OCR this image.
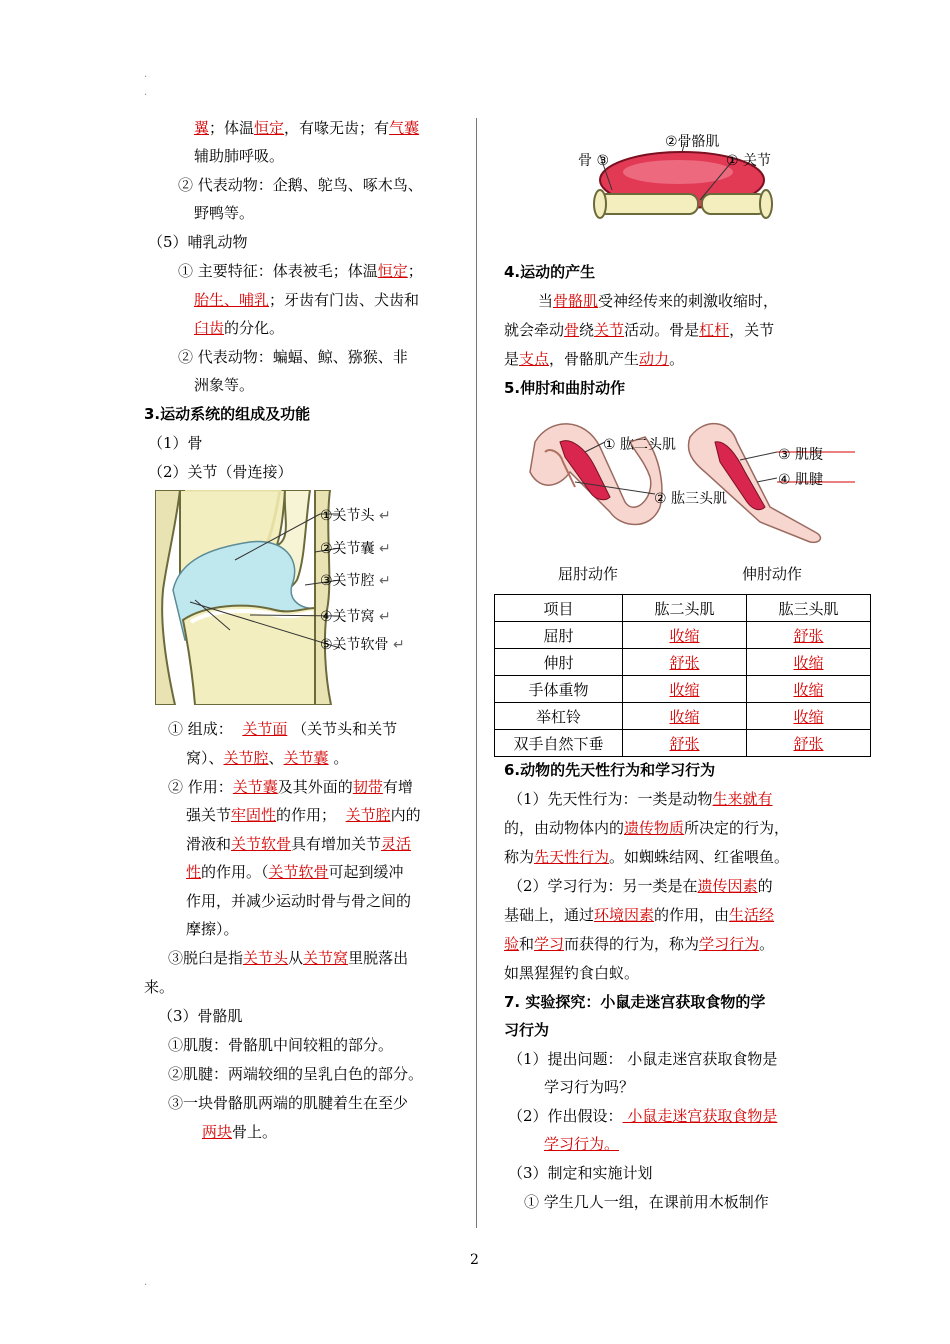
·
·
·
翼；体温恒定，有喙无齿；有气囊
辅助肺呼吸。
② 代表动物：企鹅、鸵鸟、啄木鸟、
野鸭等。
（5）哺乳动物
① 主要特征：体表被毛；体温恒定；
胎生、哺乳；牙齿有门齿、犬齿和
臼齿的分化。
② 代表动物：蝙蝠、鲸、猕猴、非
洲象等。
3.运动系统的组成及功能
（1）骨
（2）关节（骨连接）
①关节头 ↵
②关节囊 ↵
③关节腔 ↵
④关节窝 ↵
⑤关节软骨 ↵
① 组成： 关节面 （关节头和关节
窝）、关节腔、关节囊 。
② 作用：关节囊及其外面的韧带有增
强关节牢固性的作用； 关节腔内的
滑液和关节软骨具有增加关节灵活
性的作用。（关节软骨可起到缓冲
作用，并减少运动时骨与骨之间的
摩擦）。
③脱臼是指关节头从关节窝里脱落出
来。
（3）骨骼肌
①肌腹：骨骼肌中间较粗的部分。
②肌腱：两端较细的呈乳白色的部分。
③一块骨骼肌两端的肌腱着生在至少
两块骨上。
②骨骼肌
骨 ③	① 关节
4.运动的产生
当骨骼肌受神经传来的刺激收缩时，
就会牵动骨绕关节活动。骨是杠杆，关节
是支点，骨骼肌产生动力。
5.伸肘和曲肘动作
① 肱二头肌
② 肱三头肌
③ 肌腹
④ 肌腱
屈肘动作	伸肘动作
项目	肱二头肌	肱三头肌
屈肘	收缩	舒张
伸肘	舒张	收缩
手体重物	收缩	收缩
举杠铃	收缩	收缩
双手自然下垂	舒张	舒张
6.动物的先天性行为和学习行为
（1）先天性行为：一类是动物生来就有
的，由动物体内的遗传物质所决定的行为，
称为先天性行为。如蜘蛛结网、红雀喂鱼。
（2）学习行为：另一类是在遗传因素的
基础上，通过环境因素的作用，由生活经
验和学习而获得的行为，称为学习行为。
如黑猩猩钓食白蚁。
7. 实验探究：小鼠走迷宫获取食物的学
习行为
（1）提出问题： 小鼠走迷宫获取食物是
学习行为吗？
（2）作出假设： 小鼠走迷宫获取食物是
学习行为。
（3）制定和实施计划
① 学生几人一组，在课前用木板制作
2
